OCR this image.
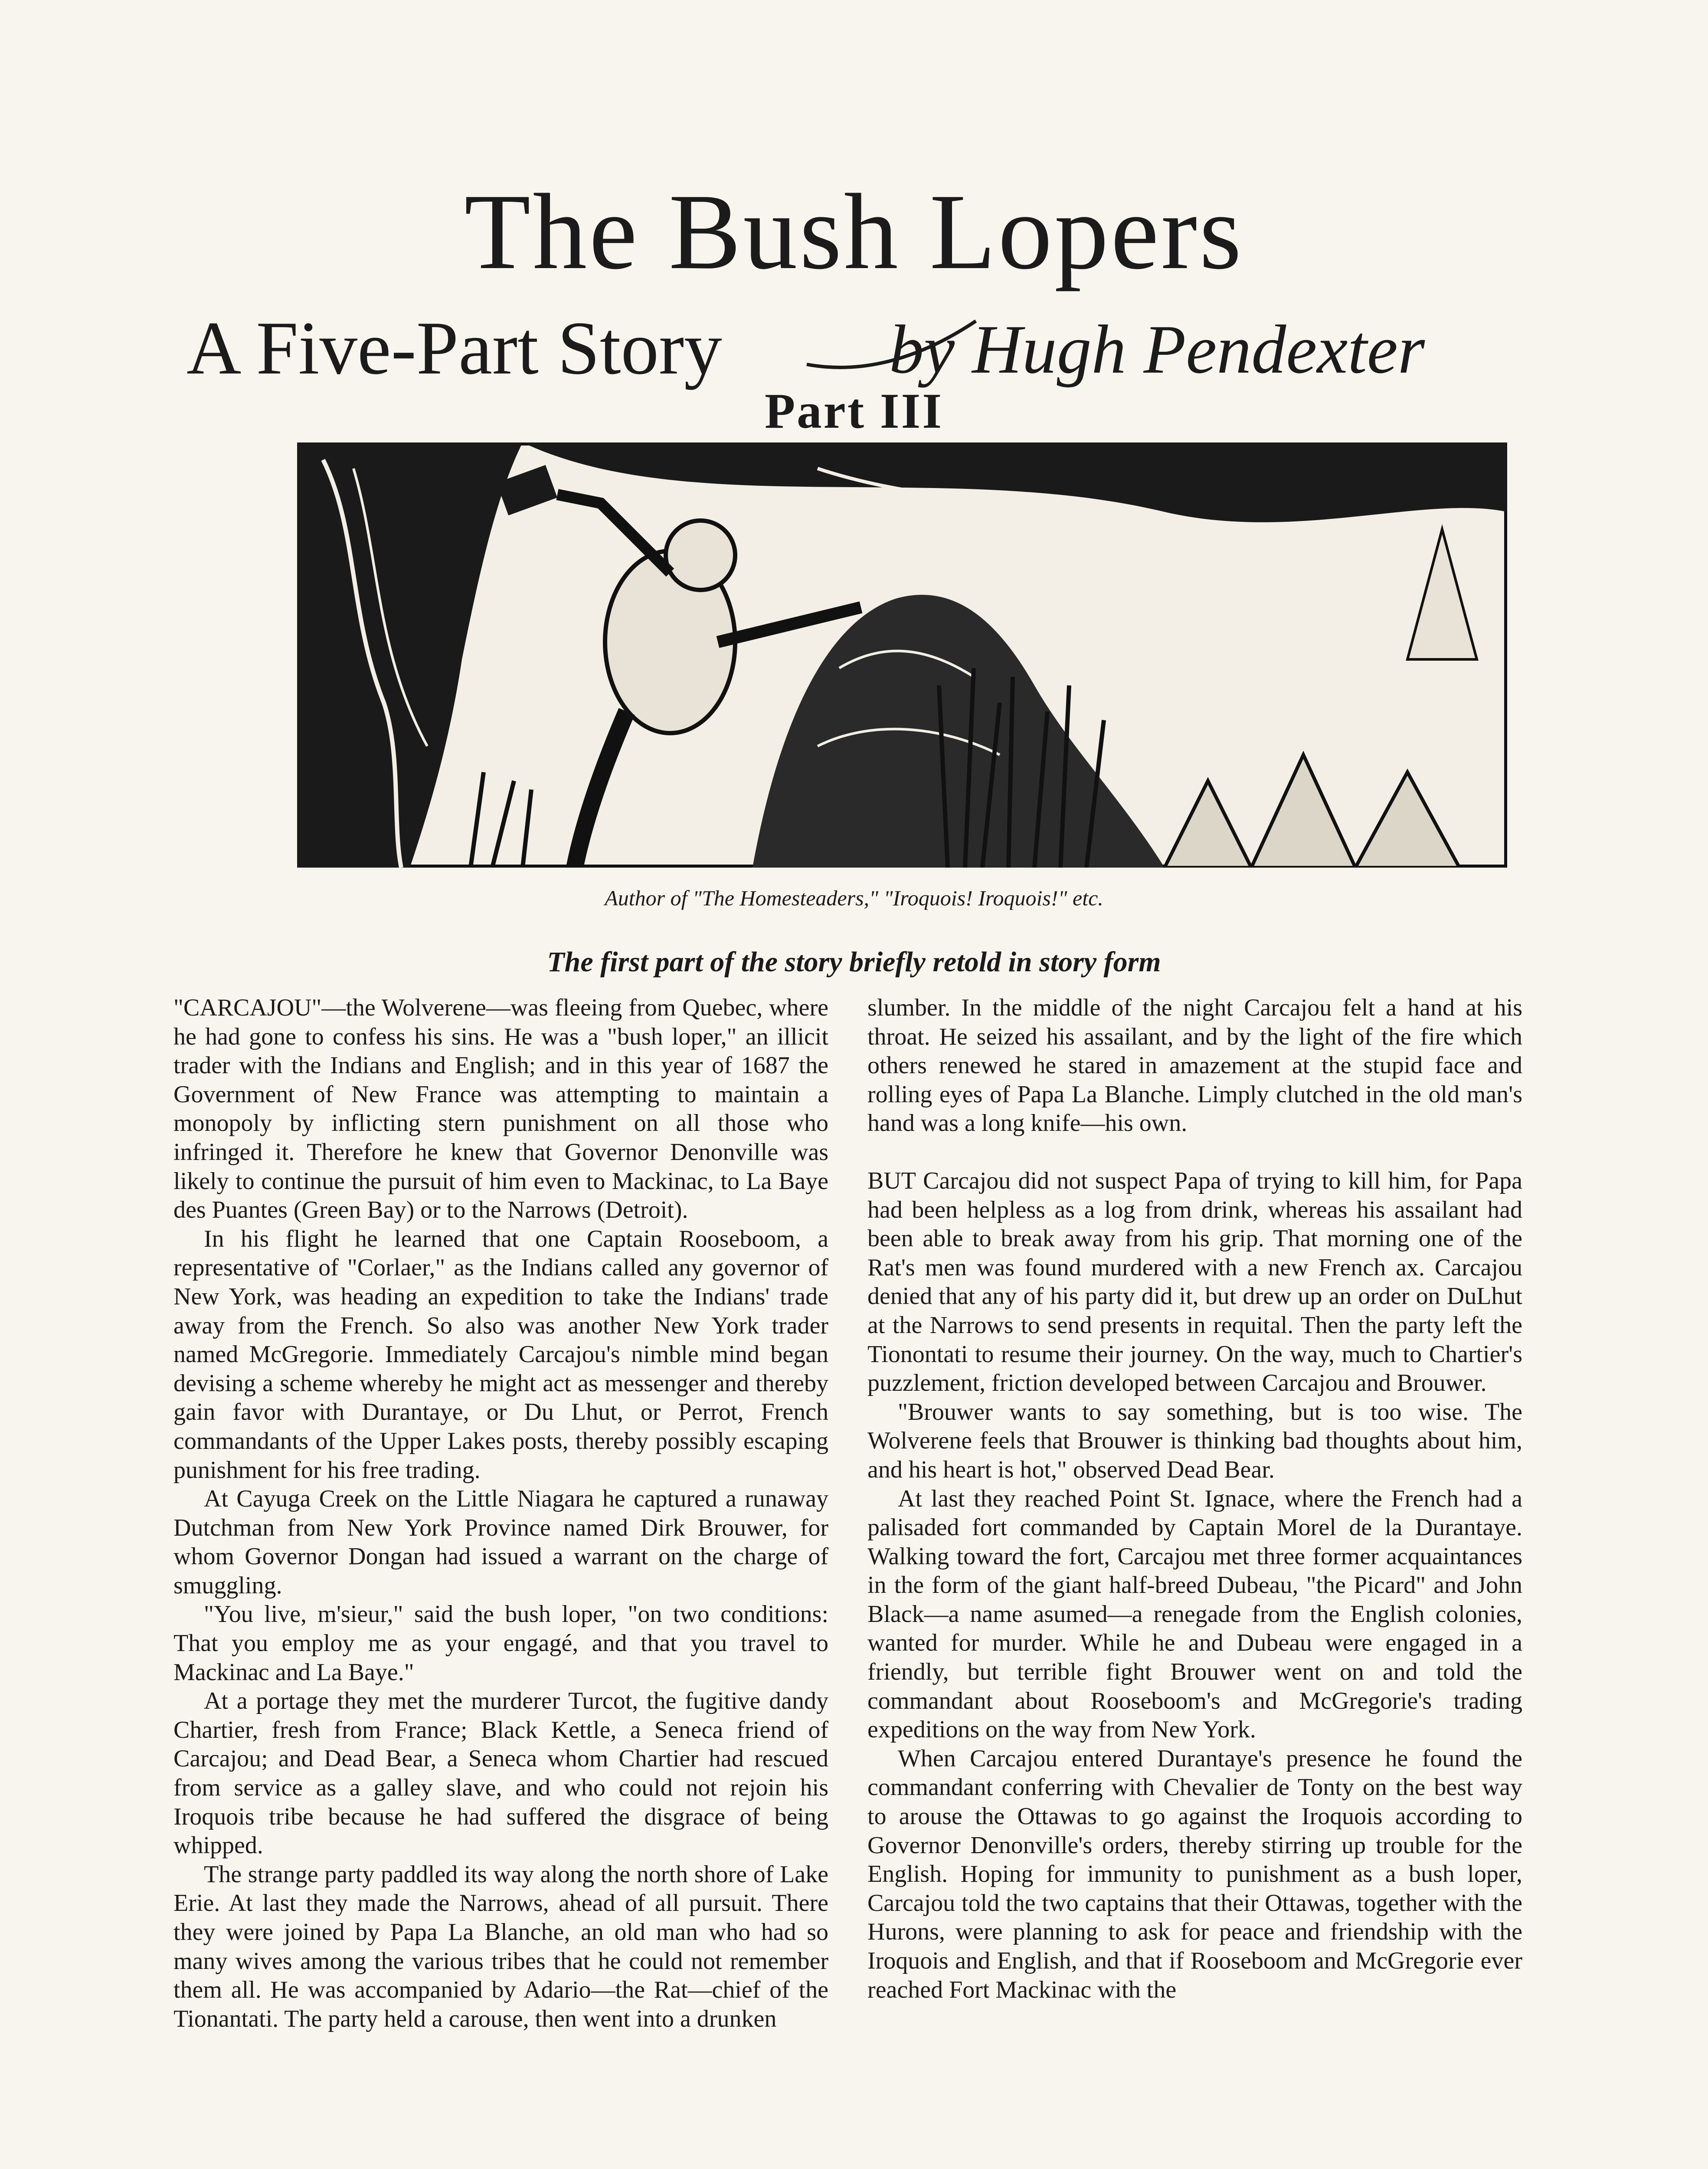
The Bush Lopers
A Five-Part Story by Hugh Pendexter
Part III
Author of "The Homesteaders," "Iroquois! Iroquois!" etc.
The first part of the story briefly retold in story form

"CARCAJOU"—the Wolverene—was fleeing from Quebec, where he had gone to confess his sins. He was a "bush loper," an illicit trader with the Indians and English; and in this year of 1687 the Government of New France was attempting to maintain a monopoly by inflicting stern punishment on all those who infringed it. Therefore he knew that Governor Denonville was likely to continue the pursuit of him even to Mackinac, to La Baye des Puantes (Green Bay) or to the Narrows (Detroit).

In his flight he learned that one Captain Rooseboom, a representative of "Corlaer," as the Indians called any governor of New York, was heading an expedition to take the Indians' trade away from the French. So also was another New York trader named McGregorie. Immediately Carcajou's nimble mind began devising a scheme whereby he might act as messenger and thereby gain favor with Durantaye, or Du Lhut, or Perrot, French commandants of the Upper Lakes posts, thereby possibly escaping punishment for his free trading.

At Cayuga Creek on the Little Niagara he captured a runaway Dutchman from New York Province named Dirk Brouwer, for whom Governor Dongan had issued a warrant on the charge of smuggling.

"You live, m'sieur," said the bush loper, "on two conditions: That you employ me as your engagé, and that you travel to Mackinac and La Baye."

At a portage they met the murderer Turcot, the fugitive dandy Chartier, fresh from France; Black Kettle, a Seneca friend of Carcajou; and Dead Bear, a Seneca whom Chartier had rescued from service as a galley slave, and who could not rejoin his Iroquois tribe because he had suffered the disgrace of being whipped.

The strange party paddled its way along the north shore of Lake Erie. At last they made the Narrows, ahead of all pursuit. There they were joined by Papa La Blanche, an old man who had so many wives among the various tribes that he could not remember them all. He was accompanied by Adario—the Rat—chief of the Tionantati. The party held a carouse, then went into a drunken

slumber. In the middle of the night Carcajou felt a hand at his throat. He seized his assailant, and by the light of the fire which others renewed he stared in amazement at the stupid face and rolling eyes of Papa La Blanche. Limply clutched in the old man's hand was a long knife—his own.

BUT Carcajou did not suspect Papa of trying to kill him, for Papa had been helpless as a log from drink, whereas his assailant had been able to break away from his grip. That morning one of the Rat's men was found murdered with a new French ax. Carcajou denied that any of his party did it, but drew up an order on DuLhut at the Narrows to send presents in requital. Then the party left the Tionontati to resume their journey. On the way, much to Chartier's puzzlement, friction developed between Carcajou and Brouwer.

"Brouwer wants to say something, but is too wise. The Wolverene feels that Brouwer is thinking bad thoughts about him, and his heart is hot," observed Dead Bear.

At last they reached Point St. Ignace, where the French had a palisaded fort commanded by Captain Morel de la Durantaye. Walking toward the fort, Carcajou met three former acquaintances in the form of the giant half-breed Dubeau, "the Picard" and John Black—a name asumed—a renegade from the English colonies, wanted for murder. While he and Dubeau were engaged in a friendly, but terrible fight Brouwer went on and told the commandant about Rooseboom's and McGregorie's trading expeditions on the way from New York.

When Carcajou entered Durantaye's presence he found the commandant conferring with Chevalier de Tonty on the best way to arouse the Ottawas to go against the Iroquois according to Governor Denonville's orders, thereby stirring up trouble for the English. Hoping for immunity to punishment as a bush loper, Carcajou told the two captains that their Ottawas, together with the Hurons, were planning to ask for peace and friendship with the Iroquois and English, and that if Rooseboom and McGregorie ever reached Fort Mackinac with the
